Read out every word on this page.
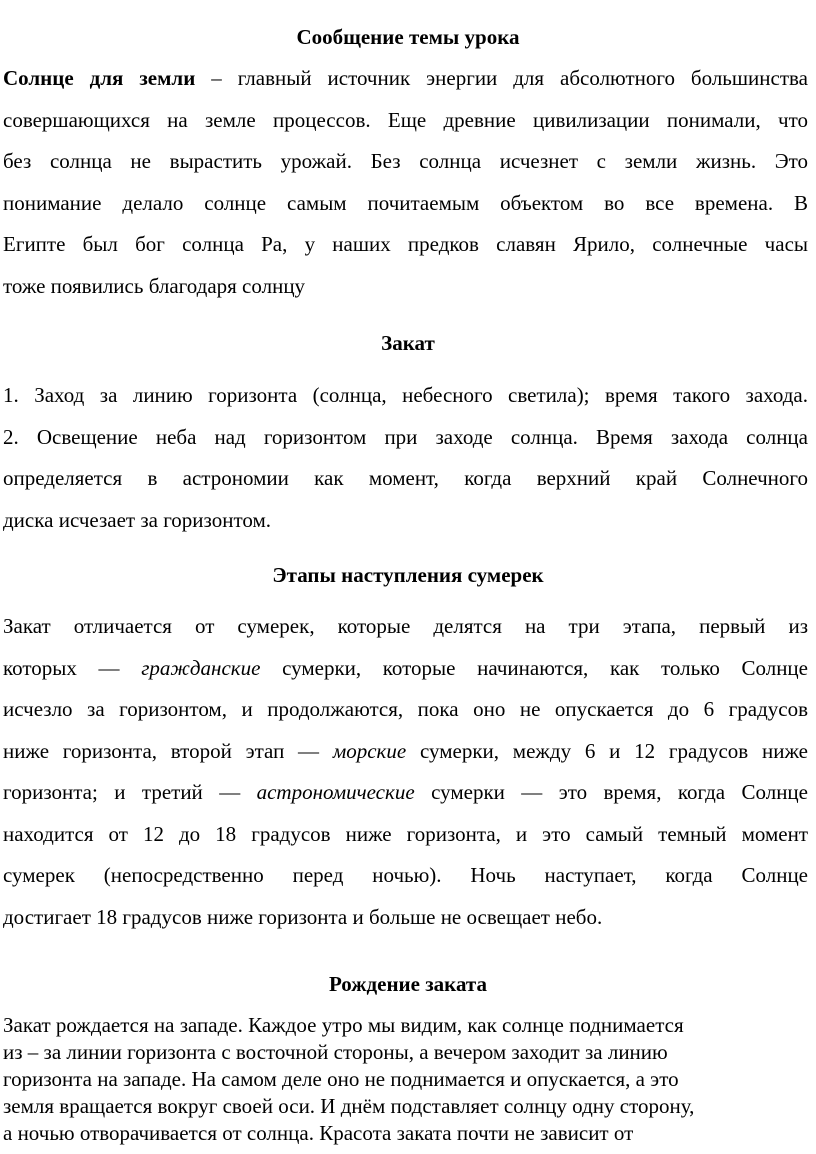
Сообщение темы урока
Солнце для земли – главный источник энергии для абсолютного большинства
совершающихся на земле процессов. Еще древние цивилизации понимали, что
без солнца не вырастить урожай. Без солнца исчезнет с земли жизнь. Это
понимание делало солнце самым почитаемым объектом во все времена. В
Египте был бог солнца Ра, у наших предков славян Ярило, солнечные часы
тоже появились благодаря солнцу
Закат
1. Заход за линию горизонта (солнца, небесного светила); время такого захода.
2. Освещение неба над горизонтом при заходе солнца. Время захода солнца
определяется в астрономии как момент, когда верхний край Солнечного
диска исчезает за горизонтом.
Этапы наступления сумерек
Закат отличается от сумерек, которые делятся на три этапа, первый из
которых — гражданские сумерки, которые начинаются, как только Солнце
исчезло за горизонтом, и продолжаются, пока оно не опускается до 6 градусов
ниже горизонта, второй этап — морские сумерки, между 6 и 12 градусов ниже
горизонта; и третий — астрономические сумерки — это время, когда Солнце
находится от 12 до 18 градусов ниже горизонта, и это самый темный момент
сумерек (непосредственно перед ночью). Ночь наступает, когда Солнце
достигает 18 градусов ниже горизонта и больше не освещает небо.
Рождение заката
Закат рождается на западе. Каждое утро мы видим, как солнце поднимается
из – за линии горизонта с восточной стороны, а вечером заходит за линию
горизонта на западе. На самом деле оно не поднимается и опускается, а это
земля вращается вокруг своей оси. И днём подставляет солнцу одну сторону,
а ночью отворачивается от солнца. Красота заката почти не зависит от
